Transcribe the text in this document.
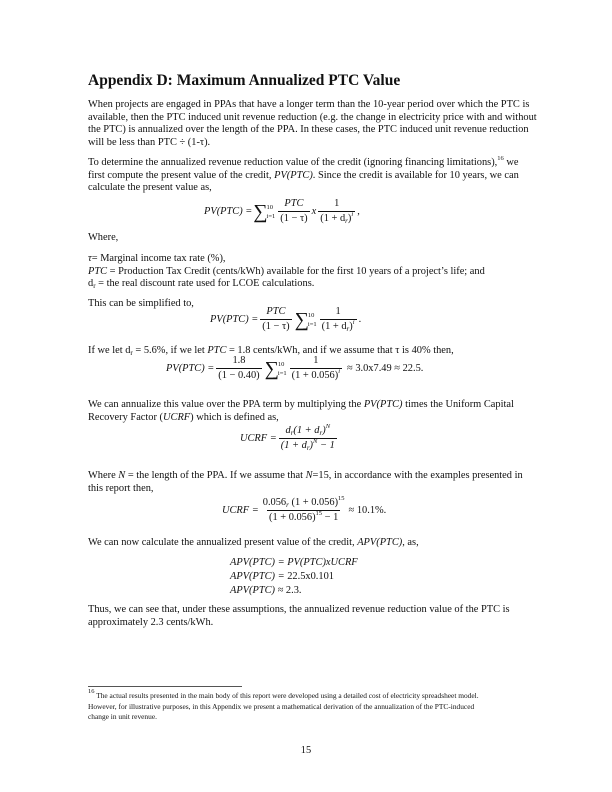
Appendix D: Maximum Annualized PTC Value
When projects are engaged in PPAs that have a longer term than the 10-year period over which the PTC is
available, then the PTC induced unit revenue reduction (e.g. the change in electricity price with and without
the PTC) is annualized over the length of the PPA. In these cases, the PTC induced unit revenue reduction
will be less than PTC ÷ (1-τ).
To determine the annualized revenue reduction value of the credit (ignoring financing limitations),$^{16}$ we
first compute the present value of the credit, PV(PTC). Since the credit is available for 10 years, we can
calculate the present value as,
PV(PTC) = ∑ 10
$i=1 \frac{\text{PTC}}{(1 - \tau)}$ x $\frac{1}{(1 + d_r)^i}$ ,
Where,
τ= Marginal income tax rate (%),
PTC = Production Tax Credit (cents/kWh) available for the first 10 years of a project’s life; and
$d_r$ = the real discount rate used for LCOE calculations.
This can be simplified to,
$PV(PTC) = \frac{\text{PTC}}{(1 - \tau)}$ ∑ 10
$i=1 \frac{1}{(1 + d_r)^i}$ .
If we let $d_r = 5.6\%$, if we let PTC = 1.8 cents/kWh, and if we assume that τ is 40% then,
$PV(PTC) = \frac{1.8}{(1 - 0.40)}$ ∑ 10
$i=1 \frac{1}{(1 + 0.056)^i} \approx 3.0x7.49 \approx 22.5$.
We can annualize this value over the PPA term by multiplying the PV(PTC) times the Uniform Capital
Recovery Factor (UCRF) which is defined as,
UCRF = $\frac{d_r(1 + d_r)^N}{(1 + d_r)^N - 1}$
Where N = the length of the PPA. If we assume that N=15, in accordance with the examples presented in
this report then,
UCRF = $\frac{0.056_r (1 + 0.056)^{15}}{(1 + 0.056)^{15} - 1} \approx 10.1\%$.
We can now calculate the annualized present value of the credit, APV(PTC), as,
APV(PTC) = PV(PTC)xUCRF
APV(PTC) = 22.5x0.101
APV(PTC) ≈ 2.3.
Thus, we can see that, under these assumptions, the annualized revenue reduction value of the PTC is
approximately 2.3 cents/kWh.
$^{16}$ The actual results presented in the main body of this report were developed using a detailed cost of electricity spreadsheet model.
However, for illustrative purposes, in this Appendix we present a mathematical derivation of the annualization of the PTC-induced
change in unit revenue.
15
